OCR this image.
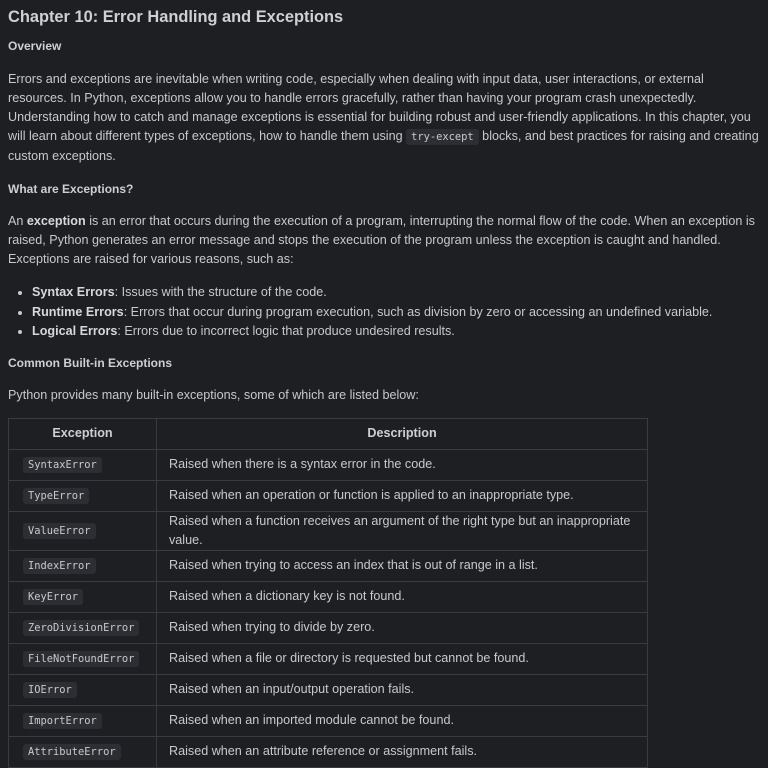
Chapter 10: Error Handling and Exceptions
Overview

Errors and exceptions are inevitable when writing code, especially when dealing with input data, user interactions, or external resources. In Python, exceptions allow you to handle errors gracefully, rather than having your program crash unexpectedly. Understanding how to catch and manage exceptions is essential for building robust and user-friendly applications. In this chapter, you will learn about different types of exceptions, how to handle them using try-except blocks, and best practices for raising and creating custom exceptions.

What are Exceptions?

An exception is an error that occurs during the execution of a program, interrupting the normal flow of the code. When an exception is raised, Python generates an error message and stops the execution of the program unless the exception is caught and handled. Exceptions are raised for various reasons, such as:

• Syntax Errors: Issues with the structure of the code.
• Runtime Errors: Errors that occur during program execution, such as division by zero or accessing an undefined variable.
• Logical Errors: Errors due to incorrect logic that produce undesired results.
Common Built-in Exceptions

Python provides many built-in exceptions, some of which are listed below:

Exception	Description
SyntaxError	Raised when there is a syntax error in the code.
TypeError	Raised when an operation or function is applied to an inappropriate type.
ValueError	Raised when a function receives an argument of the right type but an inappropriate value.
IndexError	Raised when trying to access an index that is out of range in a list.
KeyError	Raised when a dictionary key is not found.
ZeroDivisionError	Raised when trying to divide by zero.
FileNotFoundError	Raised when a file or directory is requested but cannot be found.
IOError	Raised when an input/output operation fails.
ImportError	Raised when an imported module cannot be found.
AttributeError	Raised when an attribute reference or assignment fails.
